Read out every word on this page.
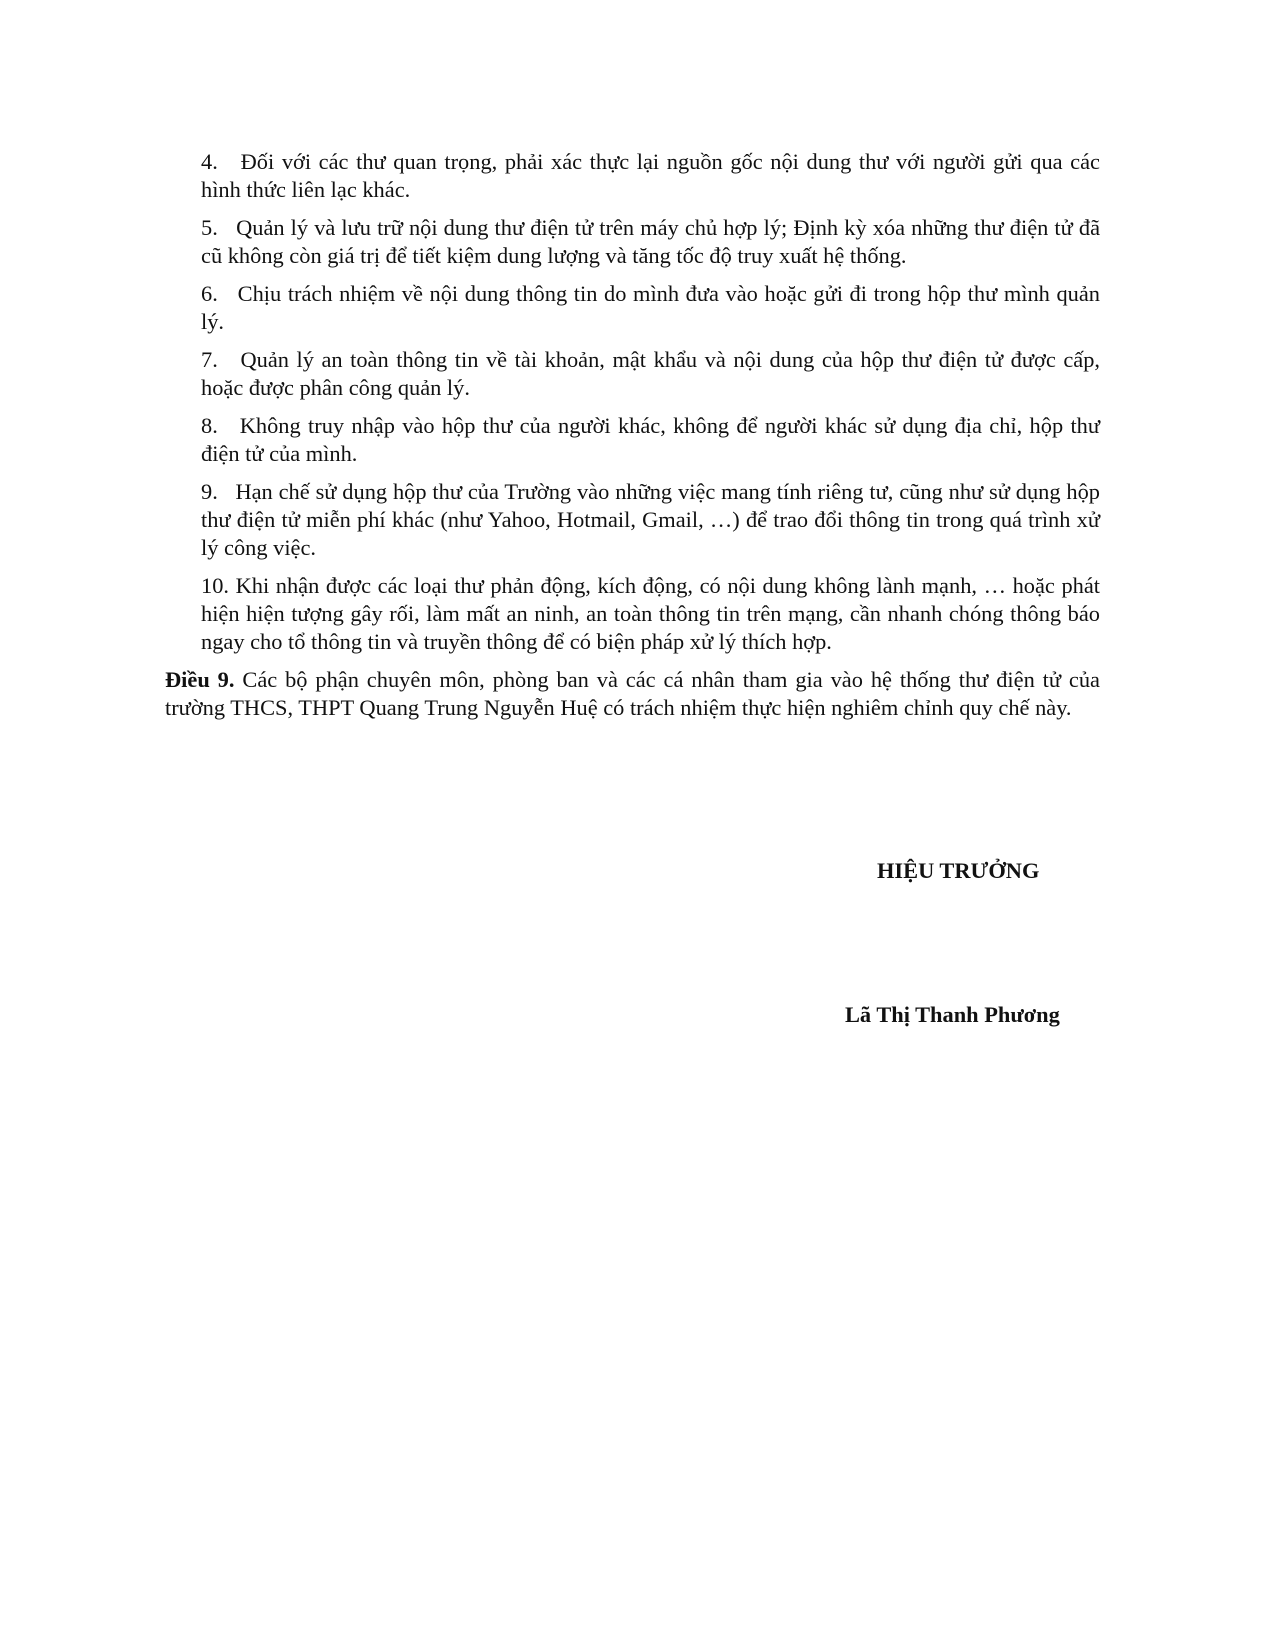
4. Đối với các thư quan trọng, phải xác thực lại nguồn gốc nội dung thư với người gửi qua các hình thức liên lạc khác.

5. Quản lý và lưu trữ nội dung thư điện tử trên máy chủ hợp lý; Định kỳ xóa những thư điện tử đã cũ không còn giá trị để tiết kiệm dung lượng và tăng tốc độ truy xuất hệ thống.

6. Chịu trách nhiệm về nội dung thông tin do mình đưa vào hoặc gửi đi trong hộp thư mình quản lý.

7. Quản lý an toàn thông tin về tài khoản, mật khẩu và nội dung của hộp thư điện tử được cấp, hoặc được phân công quản lý.

8. Không truy nhập vào hộp thư của người khác, không để người khác sử dụng địa chỉ, hộp thư điện tử của mình.

9. Hạn chế sử dụng hộp thư của Trường vào những việc mang tính riêng tư, cũng như sử dụng hộp thư điện tử miễn phí khác (như Yahoo, Hotmail, Gmail, …) để trao đổi thông tin trong quá trình xử lý công việc.

10. Khi nhận được các loại thư phản động, kích động, có nội dung không lành mạnh, … hoặc phát hiện hiện tượng gây rối, làm mất an ninh, an toàn thông tin trên mạng, cần nhanh chóng thông báo ngay cho tổ thông tin và truyền thông để có biện pháp xử lý thích hợp.

Điều 9. Các bộ phận chuyên môn, phòng ban và các cá nhân tham gia vào hệ thống thư điện tử của trường THCS, THPT Quang Trung Nguyễn Huệ có trách nhiệm thực hiện nghiêm chỉnh quy chế này.

HIỆU TRƯỞNG
Lã Thị Thanh Phương
